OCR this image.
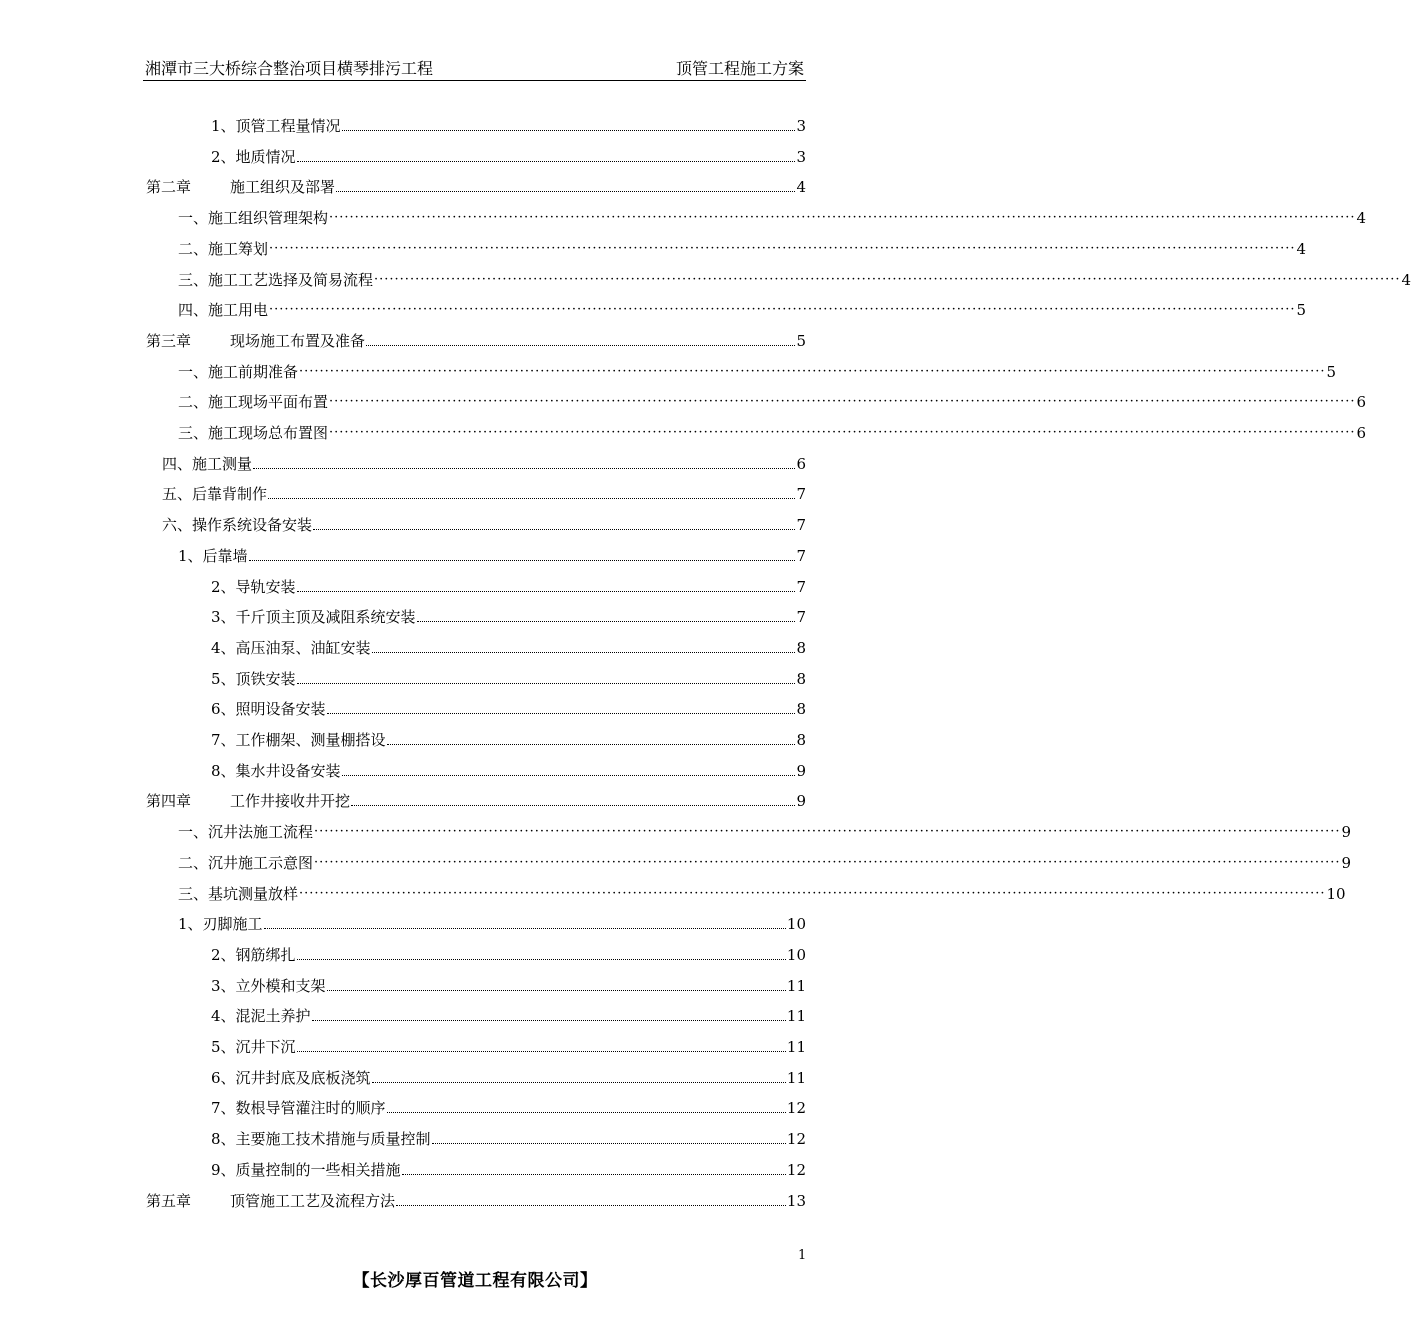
湘潭市三大桥综合整治项目横琴排污工程	顶管工程施工方案
1、顶管工程量情况	3
2、地质情况	3
第二章	施工组织及部署	4
一、施工组织管理架构 ········································································································································································································ 4
二、施工筹划 ········································································································································································································ 4
三、施工工艺选择及简易流程 ········································································································································································································ 4
四、施工用电 ········································································································································································································ 5
第三章	现场施工布置及准备	5
一、施工前期准备 ········································································································································································································ 5
二、施工现场平面布置 ········································································································································································································ 6
三、施工现场总布置图 ········································································································································································································ 6
四、施工测量	6
五、后靠背制作	7
六、操作系统设备安装	7
1、后靠墙	7
2、导轨安装	7
3、千斤顶主顶及减阻系统安装	7
4、高压油泵、油缸安装	8
5、顶铁安装	8
6、照明设备安装	8
7、工作棚架、测量棚搭设	8
8、集水井设备安装	9
第四章	工作井接收井开挖	9
一、沉井法施工流程 ········································································································································································································ 9
二、沉井施工示意图 ········································································································································································································ 9
三、基坑测量放样 ········································································································································································································ 10
1、刃脚施工	10
2、钢筋绑扎	10
3、立外模和支架	11
4、混泥土养护	11
5、沉井下沉	11
6、沉井封底及底板浇筑	11
7、数根导管灌注时的顺序	12
8、主要施工技术措施与质量控制	12
9、质量控制的一些相关措施	12
第五章	顶管施工工艺及流程方法	13
1
【长沙厚百管道工程有限公司】
